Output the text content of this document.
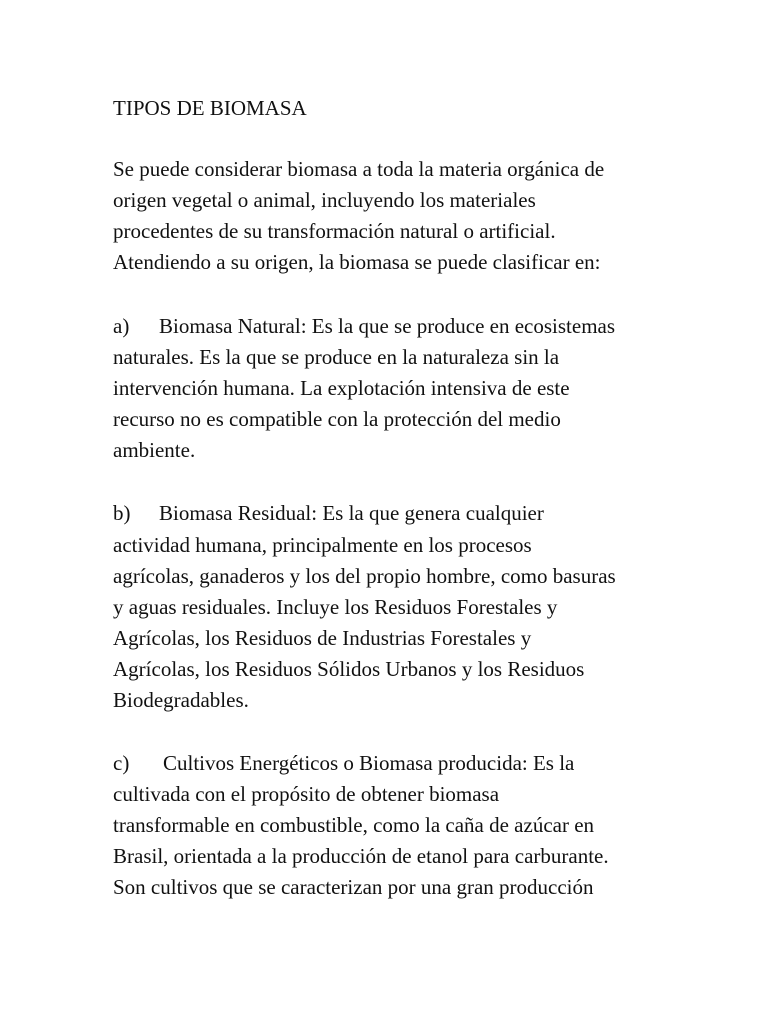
TIPOS DE BIOMASA
Se puede considerar biomasa a toda la materia orgánica de
origen vegetal o animal, incluyendo los materiales
procedentes de su transformación natural o artificial.
Atendiendo a su origen, la biomasa se puede clasificar en:
a) Biomasa Natural: Es la que se produce en ecosistemas
naturales. Es la que se produce en la naturaleza sin la
intervención humana. La explotación intensiva de este
recurso no es compatible con la protección del medio
ambiente.
b) Biomasa Residual: Es la que genera cualquier
actividad humana, principalmente en los procesos
agrícolas, ganaderos y los del propio hombre, como basuras
y aguas residuales. Incluye los Residuos Forestales y
Agrícolas, los Residuos de Industrias Forestales y
Agrícolas, los Residuos Sólidos Urbanos y los Residuos
Biodegradables.
c) Cultivos Energéticos o Biomasa producida: Es la
cultivada con el propósito de obtener biomasa
transformable en combustible, como la caña de azúcar en
Brasil, orientada a la producción de etanol para carburante.
Son cultivos que se caracterizan por una gran producción
